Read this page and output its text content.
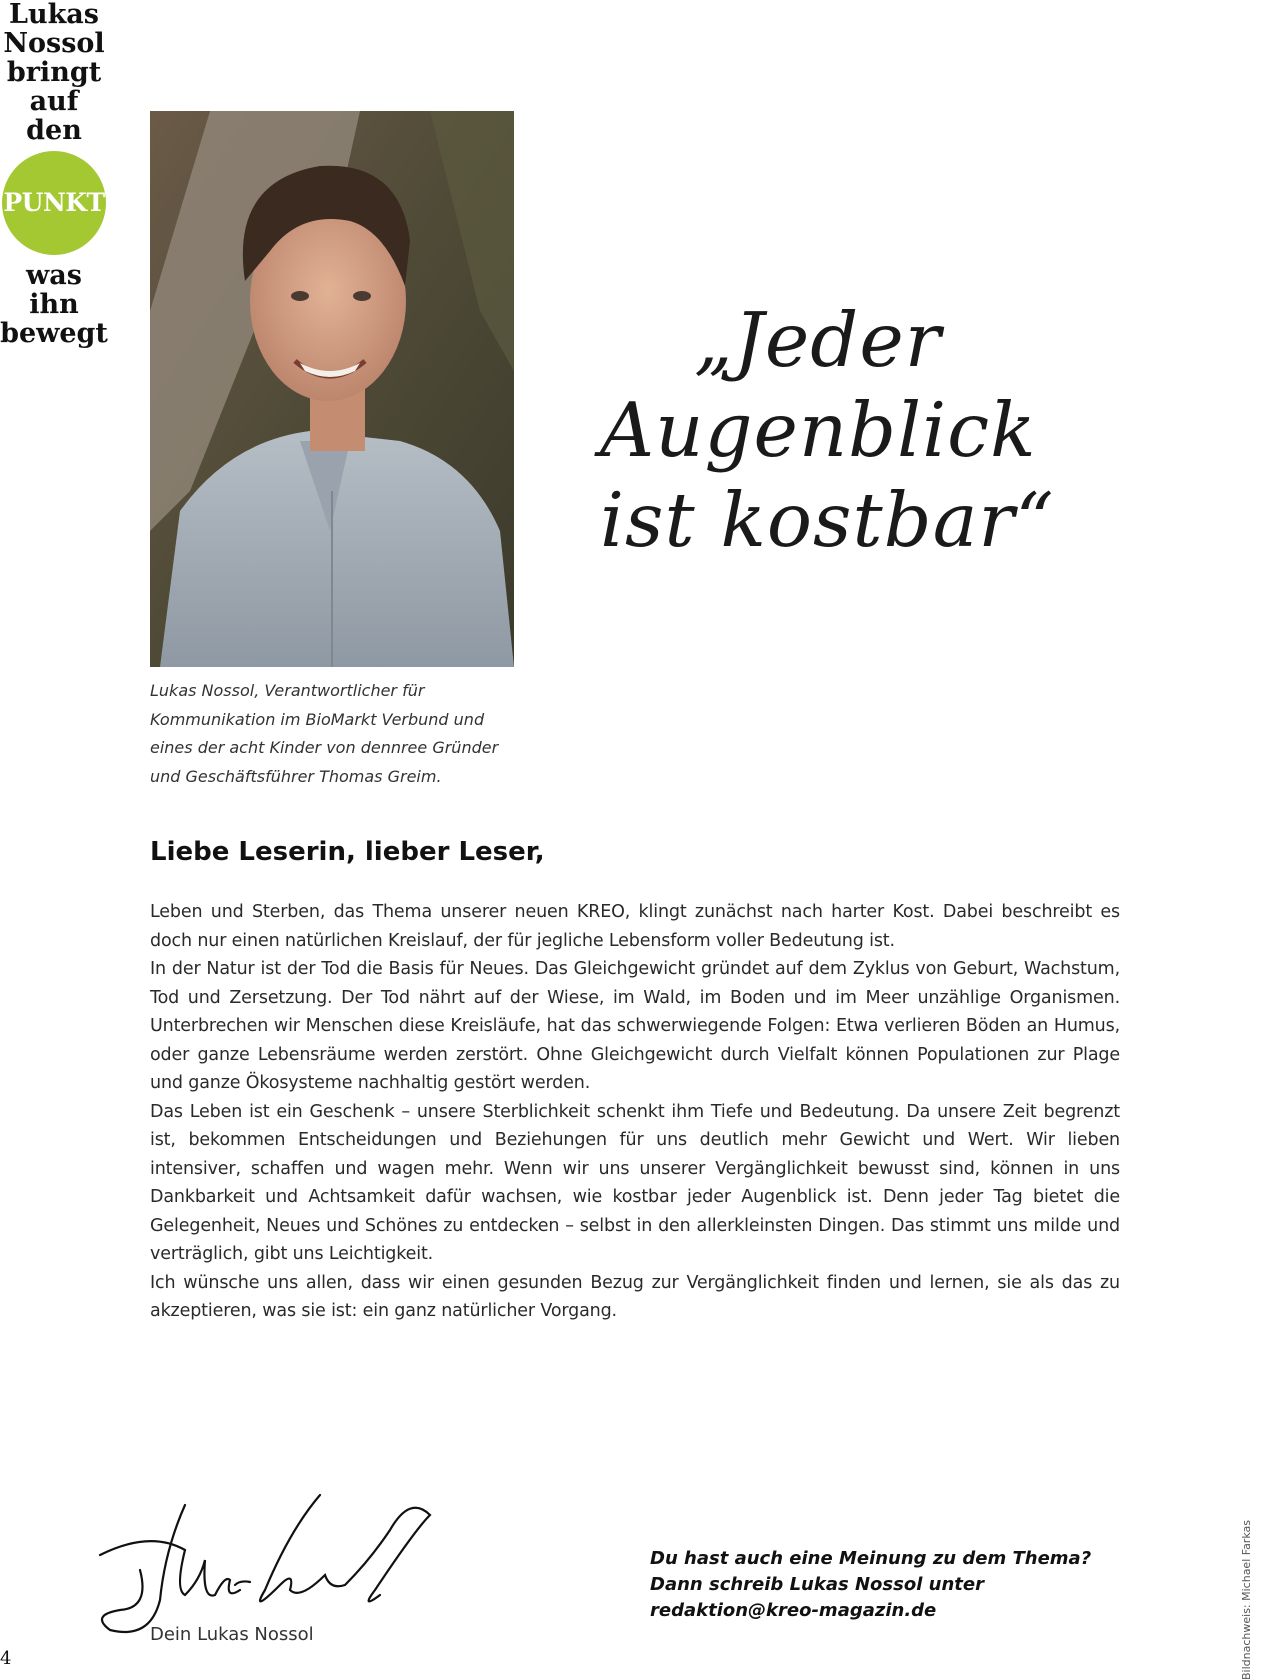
Lukas
Nossol
bringt
auf den
PUNKT
was ihn
bewegt
Lukas Nossol, Verantwortlicher für Kommunikation im BioMarkt Verbund und eines der acht Kinder von dennree Gründer und Geschäftsführer Thomas Greim.
„Jeder
Augenblick
ist kostbar“
Liebe Leserin, lieber Leser,

Leben und Sterben, das Thema unserer neuen KREO, klingt zunächst nach harter Kost. Dabei beschreibt es doch nur einen natürlichen Kreislauf, der für jegliche Lebensform voller Bedeutung ist.

In der Natur ist der Tod die Basis für Neues. Das Gleichgewicht gründet auf dem Zyklus von Geburt, Wachstum, Tod und Zersetzung. Der Tod nährt auf der Wiese, im Wald, im Boden und im Meer unzählige Organismen. Unterbrechen wir Menschen diese Kreisläufe, hat das schwerwiegende Folgen: Etwa verlieren Böden an Humus, oder ganze Lebensräume werden zerstört. Ohne Gleichgewicht durch Vielfalt können Populationen zur Plage und ganze Ökosysteme nachhaltig gestört werden.

Das Leben ist ein Geschenk – unsere Sterblichkeit schenkt ihm Tiefe und Bedeutung. Da unsere Zeit begrenzt ist, bekommen Entscheidungen und Beziehungen für uns deutlich mehr Gewicht und Wert. Wir lieben intensiver, schaffen und wagen mehr. Wenn wir uns unserer Vergänglichkeit bewusst sind, können in uns Dankbarkeit und Achtsamkeit dafür wachsen, wie kostbar jeder Augenblick ist. Denn jeder Tag bietet die Gelegenheit, Neues und Schönes zu entdecken – selbst in den allerkleinsten Dingen. Das stimmt uns milde und verträglich, gibt uns Leichtigkeit.

Ich wünsche uns allen, dass wir einen gesunden Bezug zur Vergänglichkeit finden und lernen, sie als das zu akzeptieren, was sie ist: ein ganz natürlicher Vorgang.

Dein Lukas Nossol
Du hast auch eine Meinung zu dem Thema?
Dann schreib Lukas Nossol unter
redaktion@kreo-magazin.de	Bildnachweis: Michael Farkas
4
